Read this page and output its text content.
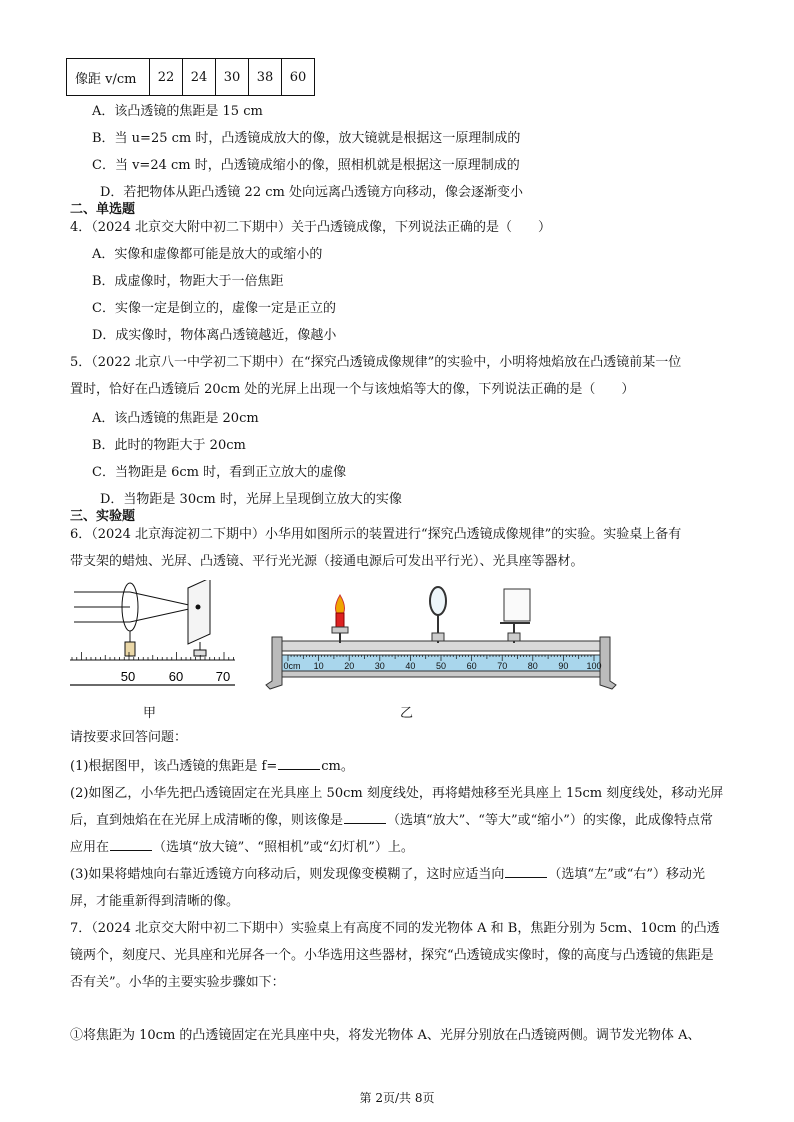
像距 v/cm	22	24	30	38	60
A．该凸透镜的焦距是 15 cm
B．当 u=25 cm 时，凸透镜成放大的像，放大镜就是根据这一原理制成的
C．当 v=24 cm 时，凸透镜成缩小的像，照相机就是根据这一原理制成的
D．若把物体从距凸透镜 22 cm 处向远离凸透镜方向移动，像会逐渐变小
二、单选题
4．（2024 北京交大附中初二下期中）关于凸透镜成像，下列说法正确的是（　　）
A．实像和虚像都可能是放大的或缩小的
B．成虚像时，物距大于一倍焦距
C．实像一定是倒立的，虚像一定是正立的
D．成实像时，物体离凸透镜越近，像越小
5．（2022 北京八一中学初二下期中）在“探究凸透镜成像规律”的实验中，小明将烛焰放在凸透镜前某一位
置时，恰好在凸透镜后 20cm 处的光屏上出现一个与该烛焰等大的像，下列说法正确的是（　　）
A．该凸透镜的焦距是 20cm
B．此时的物距大于 20cm
C．当物距是 6cm 时，看到正立放大的虚像
D．当物距是 30cm 时，光屏上呈现倒立放大的实像
三、实验题
6．（2024 北京海淀初二下期中）小华用如图所示的装置进行“探究凸透镜成像规律”的实验。实验桌上备有
带支架的蜡烛、光屏、凸透镜、平行光光源（接通电源后可发出平行光）、光具座等器材。
50	60	70
甲
0cm 10 20 30 40 50 60 70 80 90 100
乙
请按要求回答问题：
(1)根据图甲，该凸透镜的焦距是 f=	cm。
(2)如图乙，小华先把凸透镜固定在光具座上 50cm 刻度线处，再将蜡烛移至光具座上 15cm 刻度线处，移动光屏后，直到烛焰在在光屏上成清晰的像，则该像是	（选填“放大”、“等大”或“缩小”）的实像，此成像特点常应用在	（选填“放大镜”、“照相机”或“幻灯机”）上。
(3)如果将蜡烛向右靠近透镜方向移动后，则发现像变模糊了，这时应适当向	（选填“左”或“右”）移动光屏，才能重新得到清晰的像。
7．（2024 北京交大附中初二下期中）实验桌上有高度不同的发光物体 A 和 B，焦距分别为 5cm、10cm 的凸透镜两个，刻度尺、光具座和光屏各一个。小华选用这些器材，探究“凸透镜成实像时，像的高度与凸透镜的焦距是否有关”。小华的主要实验步骤如下：
①将焦距为 10cm 的凸透镜固定在光具座中央，将发光物体 A、光屏分别放在凸透镜两侧。调节发光物体 A、
第 2页/共 8页
